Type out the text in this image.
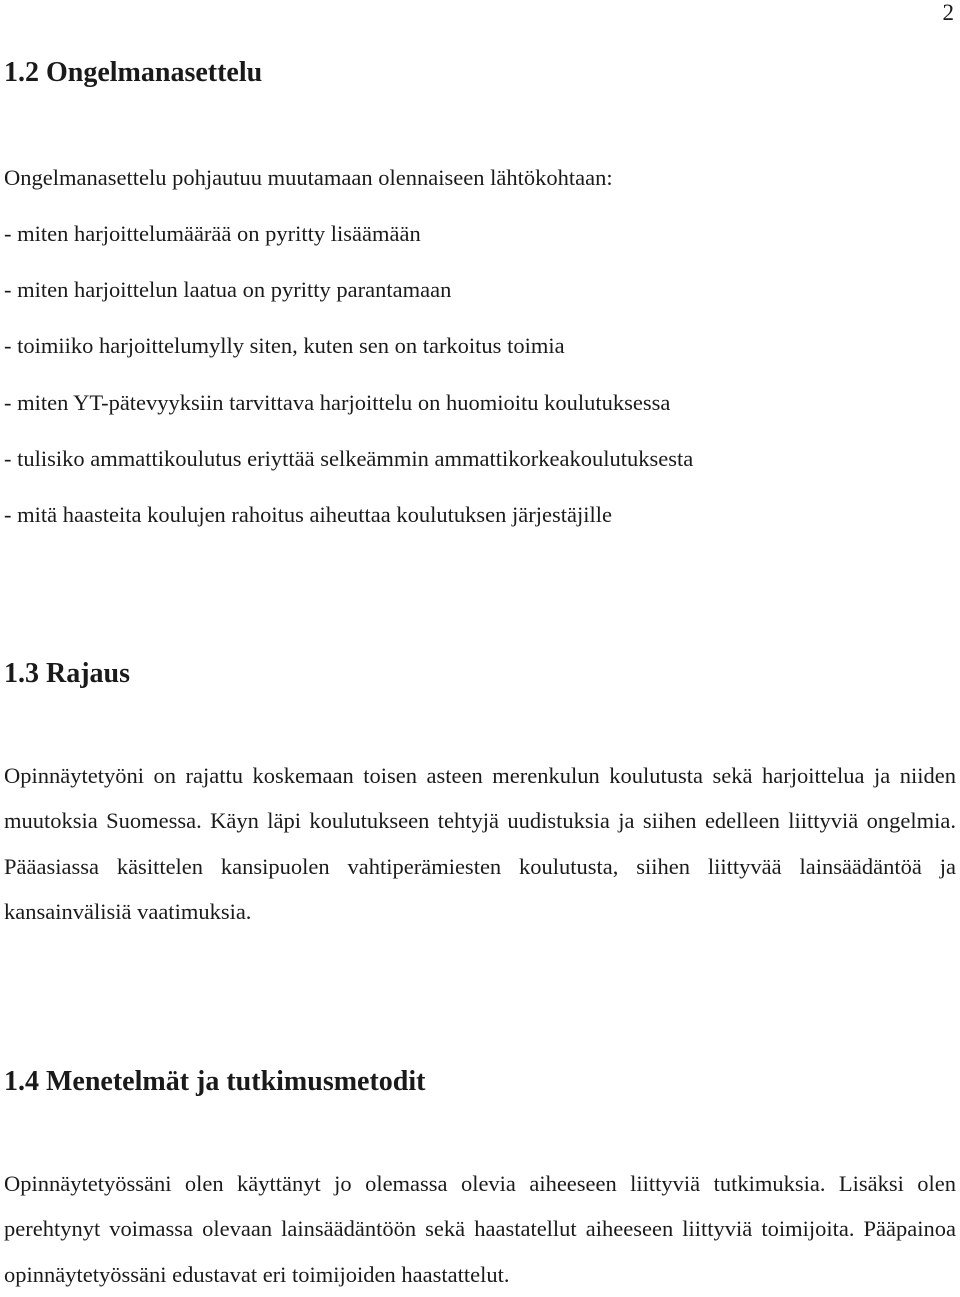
2
1.2 Ongelmanasettelu

Ongelmanasettelu pohjautuu muutamaan olennaiseen lähtökohtaan:

- miten harjoittelumäärää on pyritty lisäämään
- miten harjoittelun laatua on pyritty parantamaan
- toimiiko harjoittelumylly siten, kuten sen on tarkoitus toimia
- miten YT-pätevyyksiin tarvittava harjoittelu on huomioitu koulutuksessa
- tulisiko ammattikoulutus eriyttää selkeämmin ammattikorkeakoulutuksesta
- mitä haasteita koulujen rahoitus aiheuttaa koulutuksen järjestäjille
1.3 Rajaus

Opinnäytetyöni on rajattu koskemaan toisen asteen merenkulun koulutusta sekä harjoittelua ja niiden muutoksia Suomessa. Käyn läpi koulutukseen tehtyjä uudistuksia ja siihen edelleen liittyviä ongelmia. Pääasiassa käsittelen kansipuolen vahtiperämiesten koulutusta, siihen liittyvää lainsäädäntöä ja kansainvälisiä vaatimuksia.

1.4 Menetelmät ja tutkimusmetodit

Opinnäytetyössäni olen käyttänyt jo olemassa olevia aiheeseen liittyviä tutkimuksia. Lisäksi olen perehtynyt voimassa olevaan lainsäädäntöön sekä haastatellut aiheeseen liittyviä toimijoita. Pääpainoa opinnäytetyössäni edustavat eri toimijoiden haastattelut.
